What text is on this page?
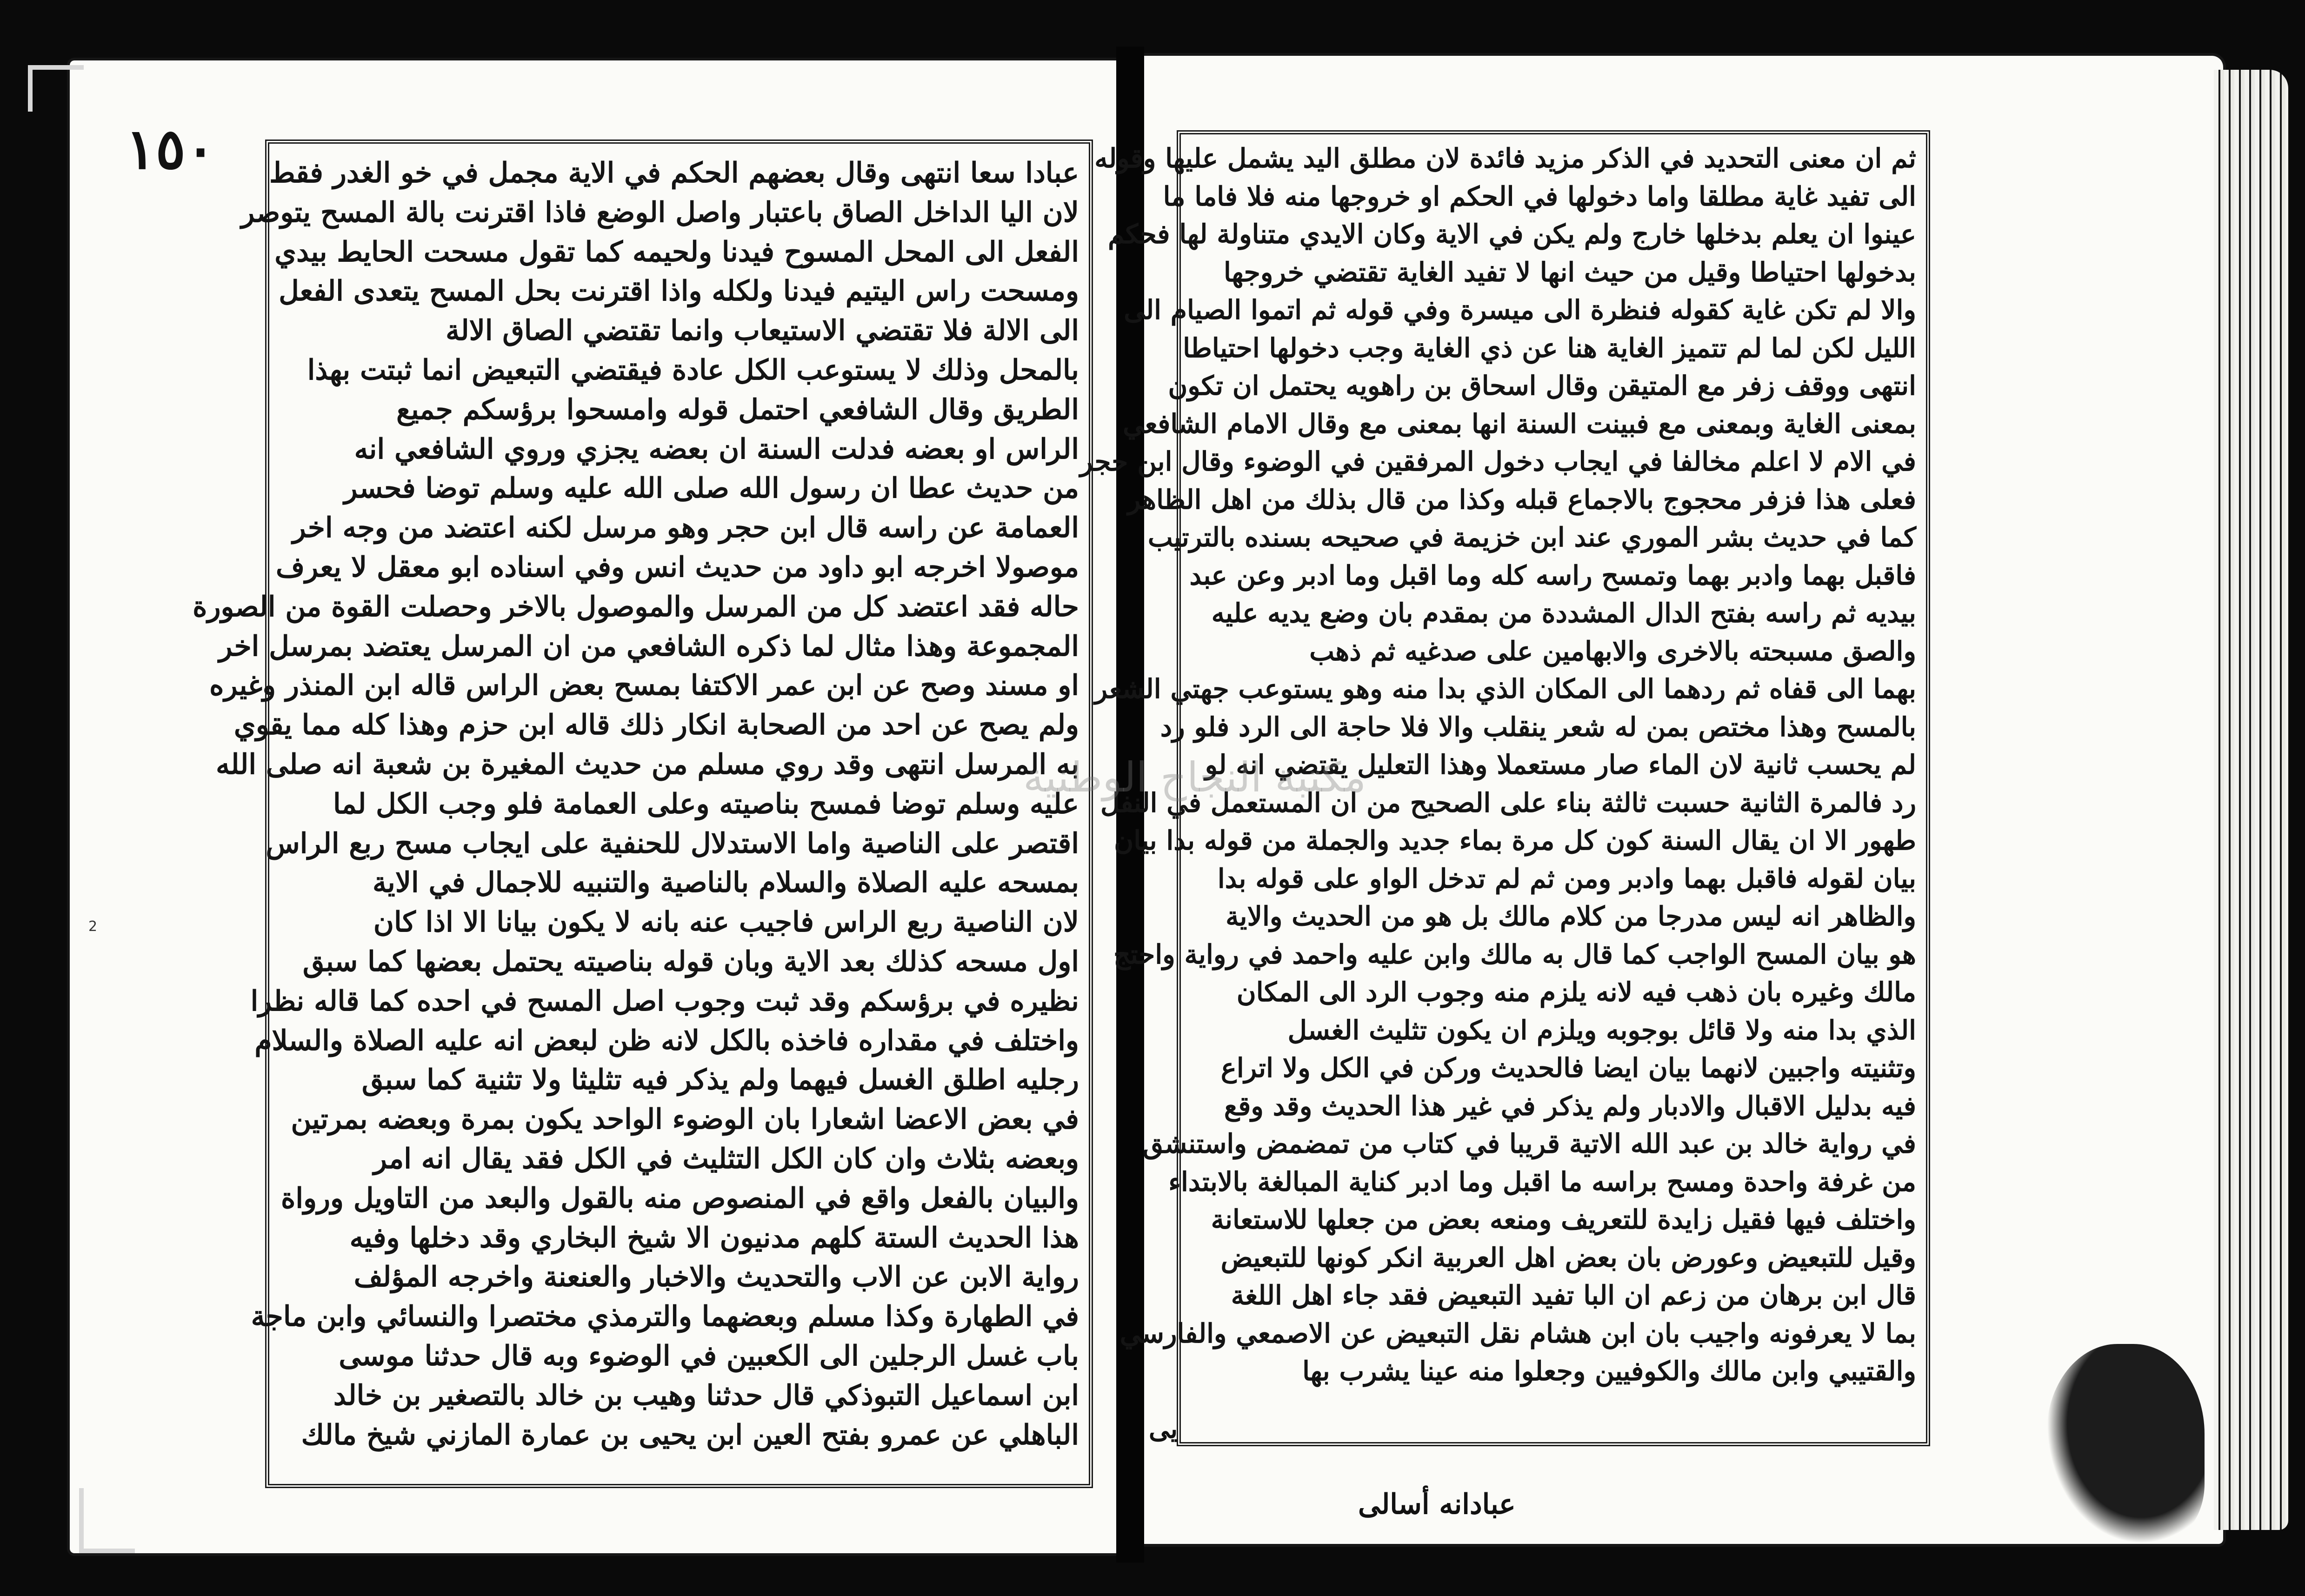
١٥٠
2

عبادا سعا انتهى وقال بعضهم الحكم في الاية مجمل في خو الغدر فقط

لان اليا الداخل الصاق باعتبار واصل الوضع فاذا اقترنت بالة المسح يتوصر

الفعل الى المحل المسوح فيدنا ولحيمه كما تقول مسحت الحايط بيدي

ومسحت راس اليتيم فيدنا ولكله واذا اقترنت بحل المسح يتعدى الفعل

الى الالة فلا تقتضي الاستيعاب وانما تقتضي الصاق الالة

بالمحل وذلك لا يستوعب الكل عادة فيقتضي التبعيض انما ثبتت بهذا

الطريق وقال الشافعي احتمل قوله وامسحوا برؤسكم جميع

الراس او بعضه فدلت السنة ان بعضه يجزي وروي الشافعي انه

من حديث عطا ان رسول الله صلى الله عليه وسلم توضا فحسر

العمامة عن راسه قال ابن حجر وهو مرسل لكنه اعتضد من وجه اخر

موصولا اخرجه ابو داود من حديث انس وفي اسناده ابو معقل لا يعرف

حاله فقد اعتضد كل من المرسل والموصول بالاخر وحصلت القوة من الصورة

المجموعة وهذا مثال لما ذكره الشافعي من ان المرسل يعتضد بمرسل اخر

او مسند وصح عن ابن عمر الاكتفا بمسح بعض الراس قاله ابن المنذر وغيره

ولم يصح عن احد من الصحابة انكار ذلك قاله ابن حزم وهذا كله مما يقوي

به المرسل انتهى وقد روي مسلم من حديث المغيرة بن شعبة انه صلى الله

عليه وسلم توضا فمسح بناصيته وعلى العمامة فلو وجب الكل لما

اقتصر على الناصية واما الاستدلال للحنفية على ايجاب مسح ربع الراس

بمسحه عليه الصلاة والسلام بالناصية والتنبيه للاجمال في الاية

لان الناصية ربع الراس فاجيب عنه بانه لا يكون بيانا الا اذا كان

اول مسحه كذلك بعد الاية وبان قوله بناصيته يحتمل بعضها كما سبق

نظيره في برؤسكم وقد ثبت وجوب اصل المسح في احده كما قاله نظرا

واختلف في مقداره فاخذه بالكل لانه ظن لبعض انه عليه الصلاة والسلام

رجليه اطلق الغسل فيهما ولم يذكر فيه تثليثا ولا تثنية كما سبق

في بعض الاعضا اشعارا بان الوضوء الواحد يكون بمرة وبعضه بمرتين

وبعضه بثلاث وان كان الكل التثليث في الكل فقد يقال انه امر

والبيان بالفعل واقع في المنصوص منه بالقول والبعد من التاويل ورواة

هذا الحديث الستة كلهم مدنيون الا شيخ البخاري وقد دخلها وفيه

رواية الابن عن الاب والتحديث والاخبار والعنعنة واخرجه المؤلف

في الطهارة وكذا مسلم وبعضهما والترمذي مختصرا والنسائي وابن ماجة

باب غسل الرجلين الى الكعبين في الوضوء وبه قال حدثنا موسى

ابن اسماعيل التبوذكي قال حدثنا وهيب بن خالد بالتصغير بن خالد

الباهلي عن عمرو بفتح العين ابن يحيى بن عمارة المازني شيخ مالك

ثم ان معنى التحديد في الذكر مزيد فائدة لان مطلق اليد يشمل عليها وقوله

الى تفيد غاية مطلقا واما دخولها في الحكم او خروجها منه فلا فاما ما

عينوا ان يعلم بدخلها خارج ولم يكن في الاية وكان الايدي متناولة لها فحكم

بدخولها احتياطا وقيل من حيث انها لا تفيد الغاية تقتضي خروجها

والا لم تكن غاية كقوله فنظرة الى ميسرة وفي قوله ثم اتموا الصيام الى

الليل لكن لما لم تتميز الغاية هنا عن ذي الغاية وجب دخولها احتياطا

انتهى ووقف زفر مع المتيقن وقال اسحاق بن راهويه يحتمل ان تكون

بمعنى الغاية وبمعنى مع فبينت السنة انها بمعنى مع وقال الامام الشافعي

في الام لا اعلم مخالفا في ايجاب دخول المرفقين في الوضوء وقال ابن حجر

فعلى هذا فزفر محجوج بالاجماع قبله وكذا من قال بذلك من اهل الظاهر

كما في حديث بشر الموري عند ابن خزيمة في صحيحه بسنده بالترتيب

فاقبل بهما وادبر بهما وتمسح راسه كله وما اقبل وما ادبر وعن عبد

بيديه ثم راسه بفتح الدال المشددة من بمقدم بان وضع يديه عليه

والصق مسبحته بالاخرى والابهامين على صدغيه ثم ذهب

بهما الى قفاه ثم ردهما الى المكان الذي بدا منه وهو يستوعب جهتي الشعر

بالمسح وهذا مختص بمن له شعر ينقلب والا فلا حاجة الى الرد فلو رد

لم يحسب ثانية لان الماء صار مستعملا وهذا التعليل يقتضي انه لو

رد فالمرة الثانية حسبت ثالثة بناء على الصحيح من ان المستعمل في النفل

طهور الا ان يقال السنة كون كل مرة بماء جديد والجملة من قوله بدا بيان

بيان لقوله فاقبل بهما وادبر ومن ثم لم تدخل الواو على قوله بدا

والظاهر انه ليس مدرجا من كلام مالك بل هو من الحديث والاية

هو بيان المسح الواجب كما قال به مالك وابن عليه واحمد في رواية واحتج

مالك وغيره بان ذهب فيه لانه يلزم منه وجوب الرد الى المكان

الذي بدا منه ولا قائل بوجوبه ويلزم ان يكون تثليث الغسل

وتثنيته واجبين لانهما بيان ايضا فالحديث وركن في الكل ولا اتراع

فيه بدليل الاقبال والادبار ولم يذكر في غير هذا الحديث وقد وقع

في رواية خالد بن عبد الله الاتية قريبا في كتاب من تمضمض واستنشق

من غرفة واحدة ومسح براسه ما اقبل وما ادبر كناية المبالغة بالابتداء

واختلف فيها فقيل زايدة للتعريف ومنعه بعض من جعلها للاستعانة

وقيل للتبعيض وعورض بان بعض اهل العربية انكر كونها للتبعيض

قال ابن برهان من زعم ان البا تفيد التبعيض فقد جاء اهل اللغة

بما لا يعرفونه واجيب بان ابن هشام نقل التبعيض عن الاصمعي والفارسي

والقتيبي وابن مالك والكوفيين وجعلوا منه عينا يشرب بها

مكتبة النجاح الوطنية
يى
عبادانه أسالى
